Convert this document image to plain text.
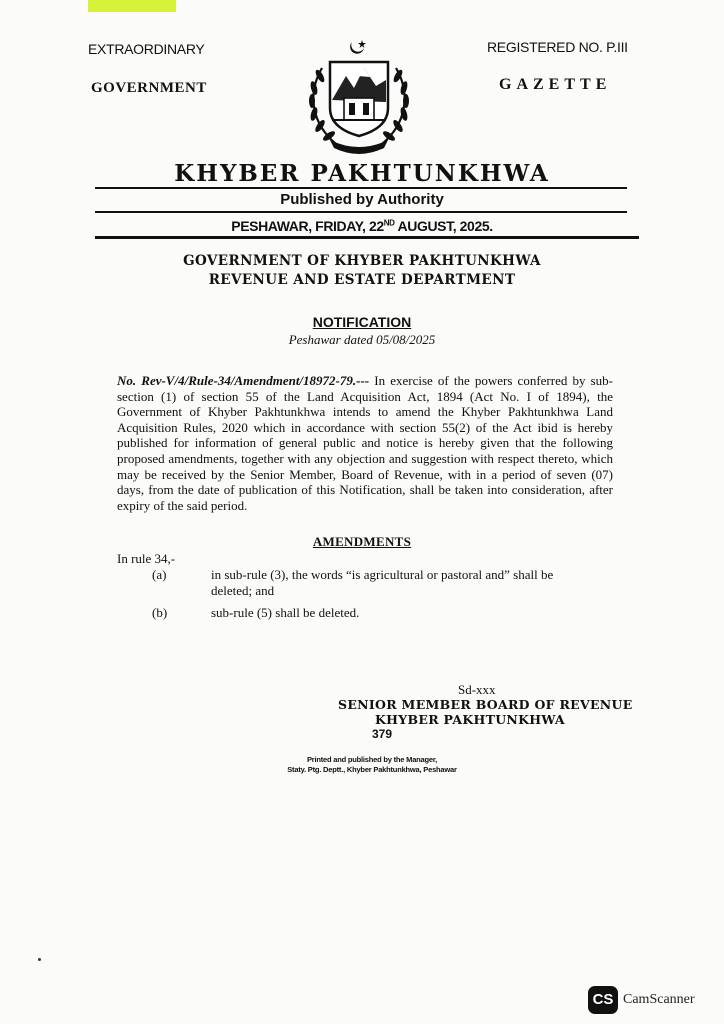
EXTRAORDINARY
GOVERNMENT
REGISTERED NO. P.III
GAZETTE
KHYBER PAKHTUNKHWA
Published by Authority
PESHAWAR, FRIDAY, 22ND AUGUST, 2025.
GOVERNMENT OF KHYBER PAKHTUNKHWA
REVENUE AND ESTATE DEPARTMENT
NOTIFICATION
Peshawar dated 05/08/2025
No. Rev-V/4/Rule-34/Amendment/18972-79.--- In exercise of the powers conferred by sub-section (1) of section 55 of the Land Acquisition Act, 1894 (Act No. I of 1894), the Government of Khyber Pakhtunkhwa intends to amend the Khyber Pakhtunkhwa Land Acquisition Rules, 2020 which in accordance with section 55(2) of the Act ibid is hereby published for information of general public and notice is hereby given that the following proposed amendments, together with any objection and suggestion with respect thereto, which may be received by the Senior Member, Board of Revenue, with in a period of seven (07) days, from the date of publication of this Notification, shall be taken into consideration, after expiry of the said period.
AMENDMENTS
In rule 34,-
(a)	in sub-rule (3), the words “is agricultural or pastoral and” shall be deleted; and
(b)	sub-rule (5) shall be deleted.
Sd-xxx
SENIOR MEMBER BOARD OF REVENUE
KHYBER PAKHTUNKHWA
379
Printed and published by the Manager,
Staty. Ptg. Deptt., Khyber Pakhtunkhwa, Peshawar
CS CamScanner
